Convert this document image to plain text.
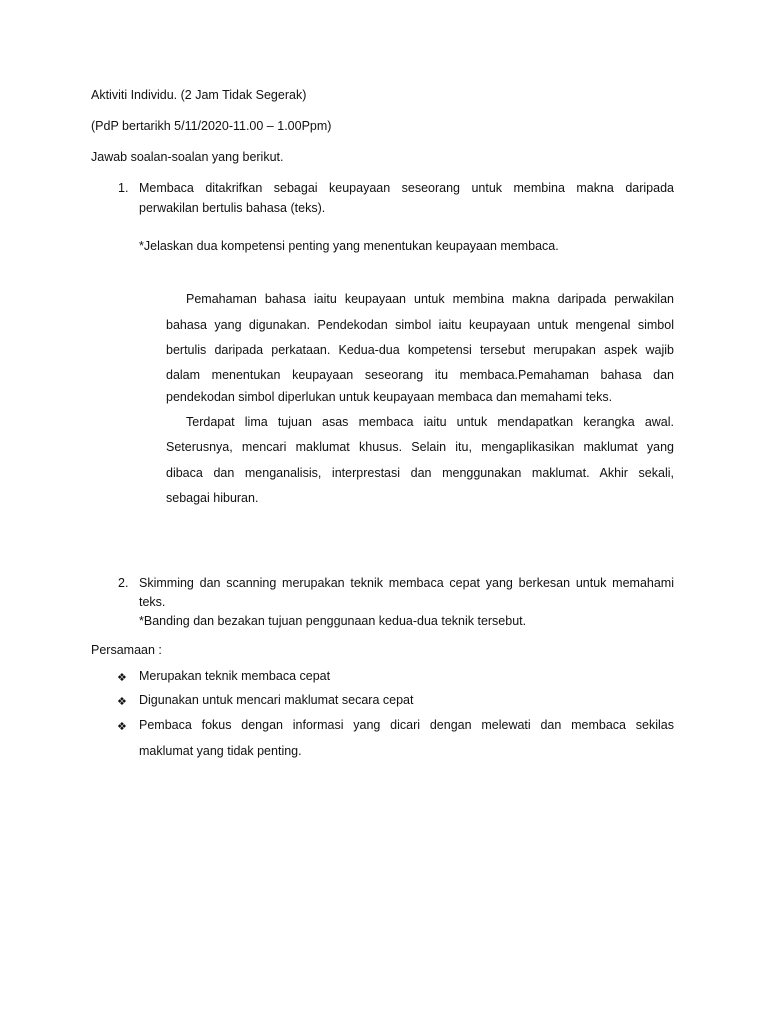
Aktiviti Individu. (2 Jam Tidak Segerak)
(PdP bertarikh 5/11/2020-11.00 – 1.00Ppm)
Jawab soalan-soalan yang berikut.
1. Membaca ditakrifkan sebagai keupayaan seseorang untuk membina makna daripada
perwakilan bertulis bahasa (teks).
*Jelaskan dua kompetensi penting yang menentukan keupayaan membaca.
Pemahaman bahasa iaitu keupayaan untuk membina makna daripada perwakilan
bahasa yang digunakan. Pendekodan simbol iaitu keupayaan untuk mengenal simbol
bertulis daripada perkataan. Kedua-dua kompetensi tersebut merupakan aspek wajib
dalam menentukan keupayaan seseorang itu membaca.Pemahaman bahasa dan
pendekodan simbol diperlukan untuk keupayaan membaca dan memahami teks.
Terdapat lima tujuan asas membaca iaitu untuk mendapatkan kerangka awal.
Seterusnya, mencari maklumat khusus. Selain itu, mengaplikasikan maklumat yang
dibaca dan menganalisis, interprestasi dan menggunakan maklumat. Akhir sekali,
sebagai hiburan.
2. Skimming dan scanning merupakan teknik membaca cepat yang berkesan untuk memahami
teks.
*Banding dan bezakan tujuan penggunaan kedua-dua teknik tersebut.
Persamaan :
❖ Merupakan teknik membaca cepat
❖ Digunakan untuk mencari maklumat secara cepat
❖ Pembaca fokus dengan informasi yang dicari dengan melewati dan membaca sekilas
maklumat yang tidak penting.
